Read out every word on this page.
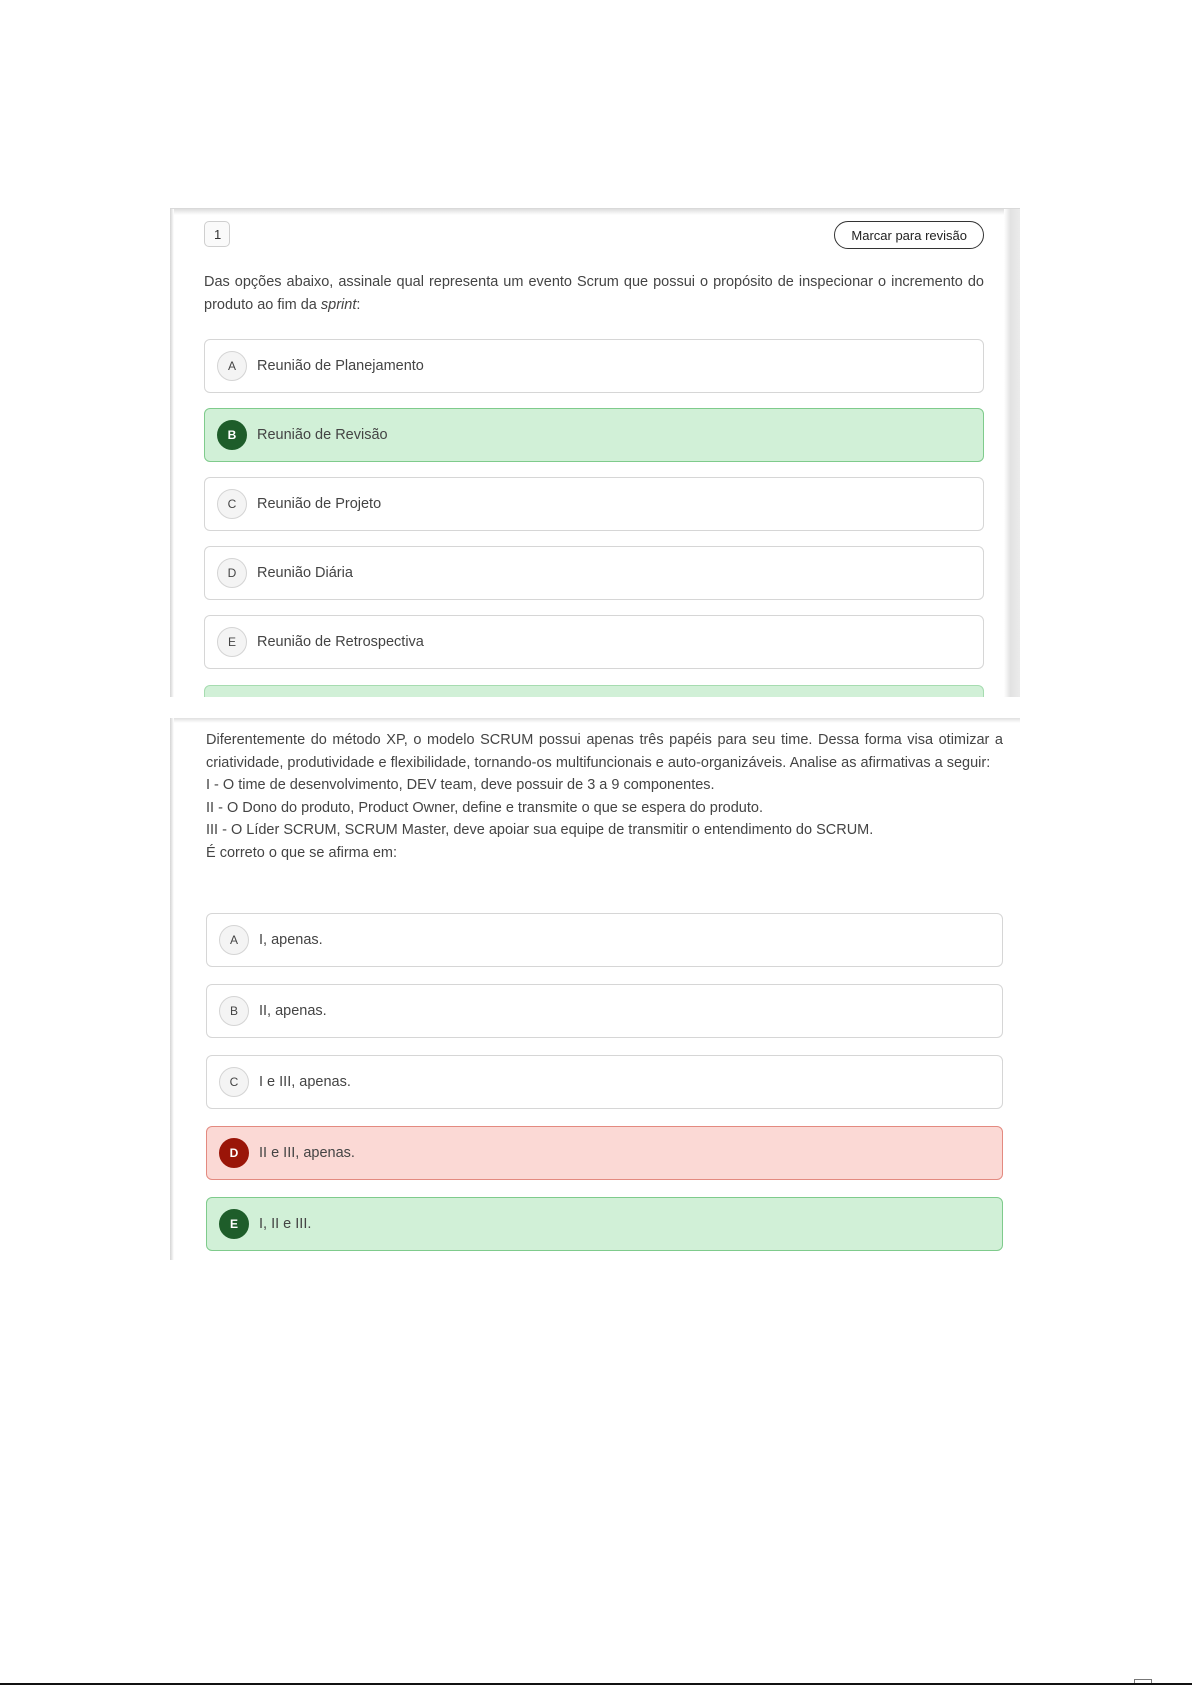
1	Marcar para revisão
Das opções abaixo, assinale qual representa um evento Scrum que possui o propósito de inspecionar o incremento do produto ao fim da sprint:
A	Reunião de Planejamento
B	Reunião de Revisão
C	Reunião de Projeto
D	Reunião Diária
E	Reunião de Retrospectiva
Diferentemente do método XP, o modelo SCRUM possui apenas três papéis para seu time. Dessa forma visa otimizar a criatividade, produtividade e flexibilidade, tornando-os multifuncionais e auto-organizáveis. Analise as afirmativas a seguir:
I - O time de desenvolvimento, DEV team, deve possuir de 3 a 9 componentes.
II - O Dono do produto, Product Owner, define e transmite o que se espera do produto.
III - O Líder SCRUM, SCRUM Master, deve apoiar sua equipe de transmitir o entendimento do SCRUM.
É correto o que se afirma em:
A	I, apenas.
B	II, apenas.
C	I e III, apenas.
D	II e III, apenas.
E	I, II e III.
